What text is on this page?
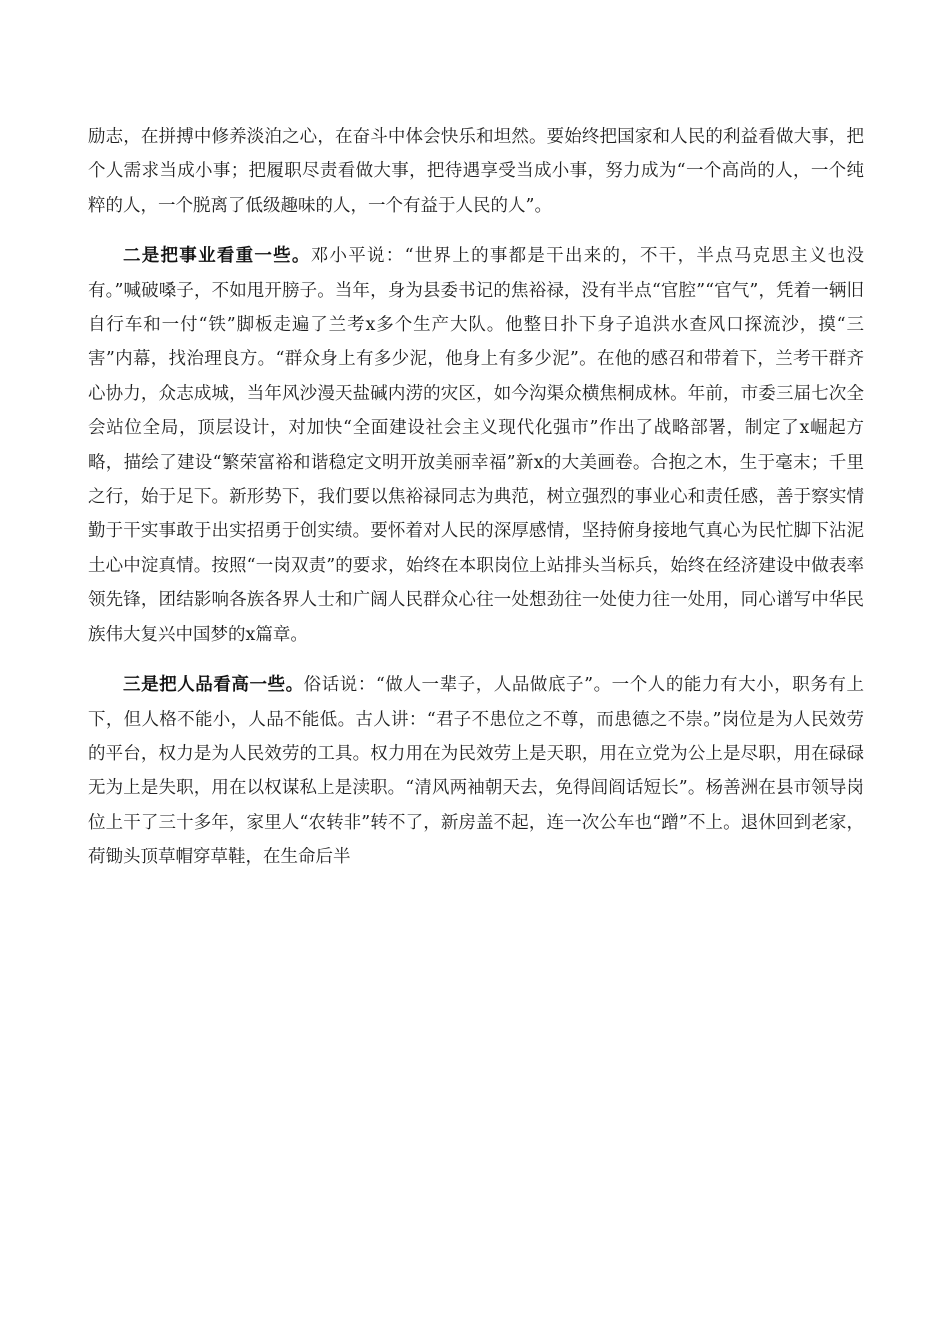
励志，在拼搏中修养淡泊之心，在奋斗中体会快乐和坦然。要始终把国家和人民的利益看做大事，把个人需求当成小事；把履职尽责看做大事，把待遇享受当成小事，努力成为“一个高尚的人，一个纯粹的人，一个脱离了低级趣味的人，一个有益于人民的人”。

二是把事业看重一些。邓小平说：“世界上的事都是干出来的，不干，半点马克思主义也没有。”喊破嗓子，不如甩开膀子。当年，身为县委书记的焦裕禄，没有半点“官腔”“官气”，凭着一辆旧自行车和一付“铁”脚板走遍了兰考x多个生产大队。他整日扑下身子追洪水查风口探流沙，摸“三害”内幕，找治理良方。“群众身上有多少泥，他身上有多少泥”。在他的感召和带着下，兰考干群齐心协力，众志成城，当年风沙漫天盐碱内涝的灾区，如今沟渠众横焦桐成林。年前，市委三届七次全会站位全局，顶层设计，对加快“全面建设社会主义现代化强市”作出了战略部署，制定了x崛起方略，描绘了建设“繁荣富裕和谐稳定文明开放美丽幸福”新x的大美画卷。合抱之木，生于毫末；千里之行，始于足下。新形势下，我们要以焦裕禄同志为典范，树立强烈的事业心和责任感，善于察实情勤于干实事敢于出实招勇于创实绩。要怀着对人民的深厚感情，坚持俯身接地气真心为民忙脚下沾泥土心中淀真情。按照“一岗双责”的要求，始终在本职岗位上站排头当标兵，始终在经济建设中做表率领先锋，团结影响各族各界人士和广阔人民群众心往一处想劲往一处使力往一处用，同心谱写中华民族伟大复兴中国梦的x篇章。

三是把人品看高一些。俗话说：“做人一辈子，人品做底子”。一个人的能力有大小，职务有上下，但人格不能小，人品不能低。古人讲：“君子不患位之不尊，而患德之不崇。”岗位是为人民效劳的平台，权力是为人民效劳的工具。权力用在为民效劳上是天职，用在立党为公上是尽职，用在碌碌无为上是失职，用在以权谋私上是渎职。“清风两袖朝天去，免得闾阎话短长”。杨善洲在县市领导岗位上干了三十多年，家里人“农转非”转不了，新房盖不起，连一次公车也“蹭”不上。退休回到老家，荷锄头顶草帽穿草鞋，在生命后半
